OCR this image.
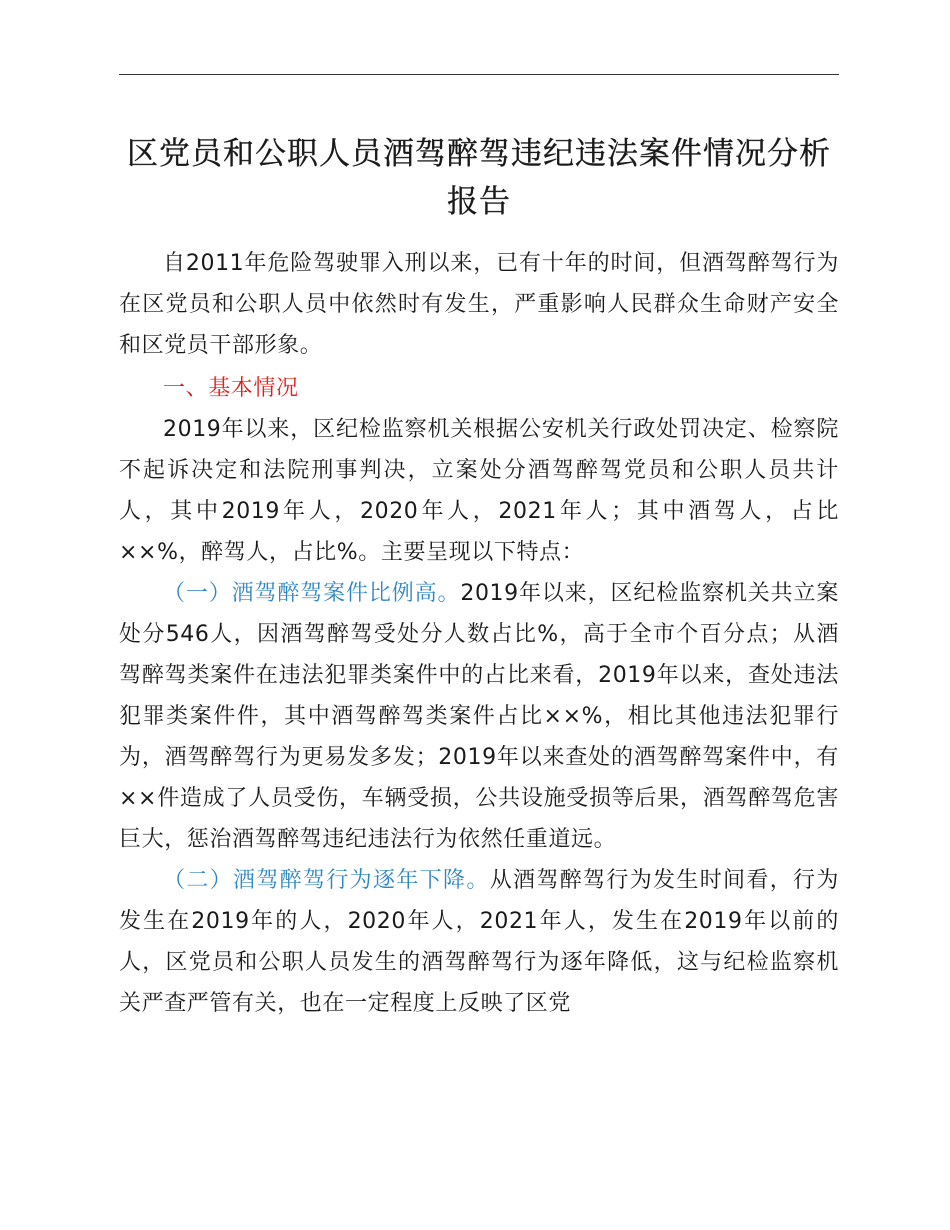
区党员和公职人员酒驾醉驾违纪违法案件情况分析报告

自2011年危险驾驶罪入刑以来，已有十年的时间，但酒驾醉驾行为在区党员和公职人员中依然时有发生，严重影响人民群众生命财产安全和区党员干部形象。

一、基本情况

2019年以来，区纪检监察机关根据公安机关行政处罚决定、检察院不起诉决定和法院刑事判决，立案处分酒驾醉驾党员和公职人员共计人，其中2019年人，2020年人，2021年人；其中酒驾人，占比××%，醉驾人，占比%。主要呈现以下特点：

（一）酒驾醉驾案件比例高。2019年以来，区纪检监察机关共立案处分546人，因酒驾醉驾受处分人数占比%，高于全市个百分点；从酒驾醉驾类案件在违法犯罪类案件中的占比来看，2019年以来，查处违法犯罪类案件件，其中酒驾醉驾类案件占比××%，相比其他违法犯罪行为，酒驾醉驾行为更易发多发；2019年以来查处的酒驾醉驾案件中，有××件造成了人员受伤，车辆受损，公共设施受损等后果，酒驾醉驾危害巨大，惩治酒驾醉驾违纪违法行为依然任重道远。

（二）酒驾醉驾行为逐年下降。从酒驾醉驾行为发生时间看，行为发生在2019年的人，2020年人，2021年人，发生在2019年以前的人，区党员和公职人员发生的酒驾醉驾行为逐年降低，这与纪检监察机关严查严管有关，也在一定程度上反映了区党
